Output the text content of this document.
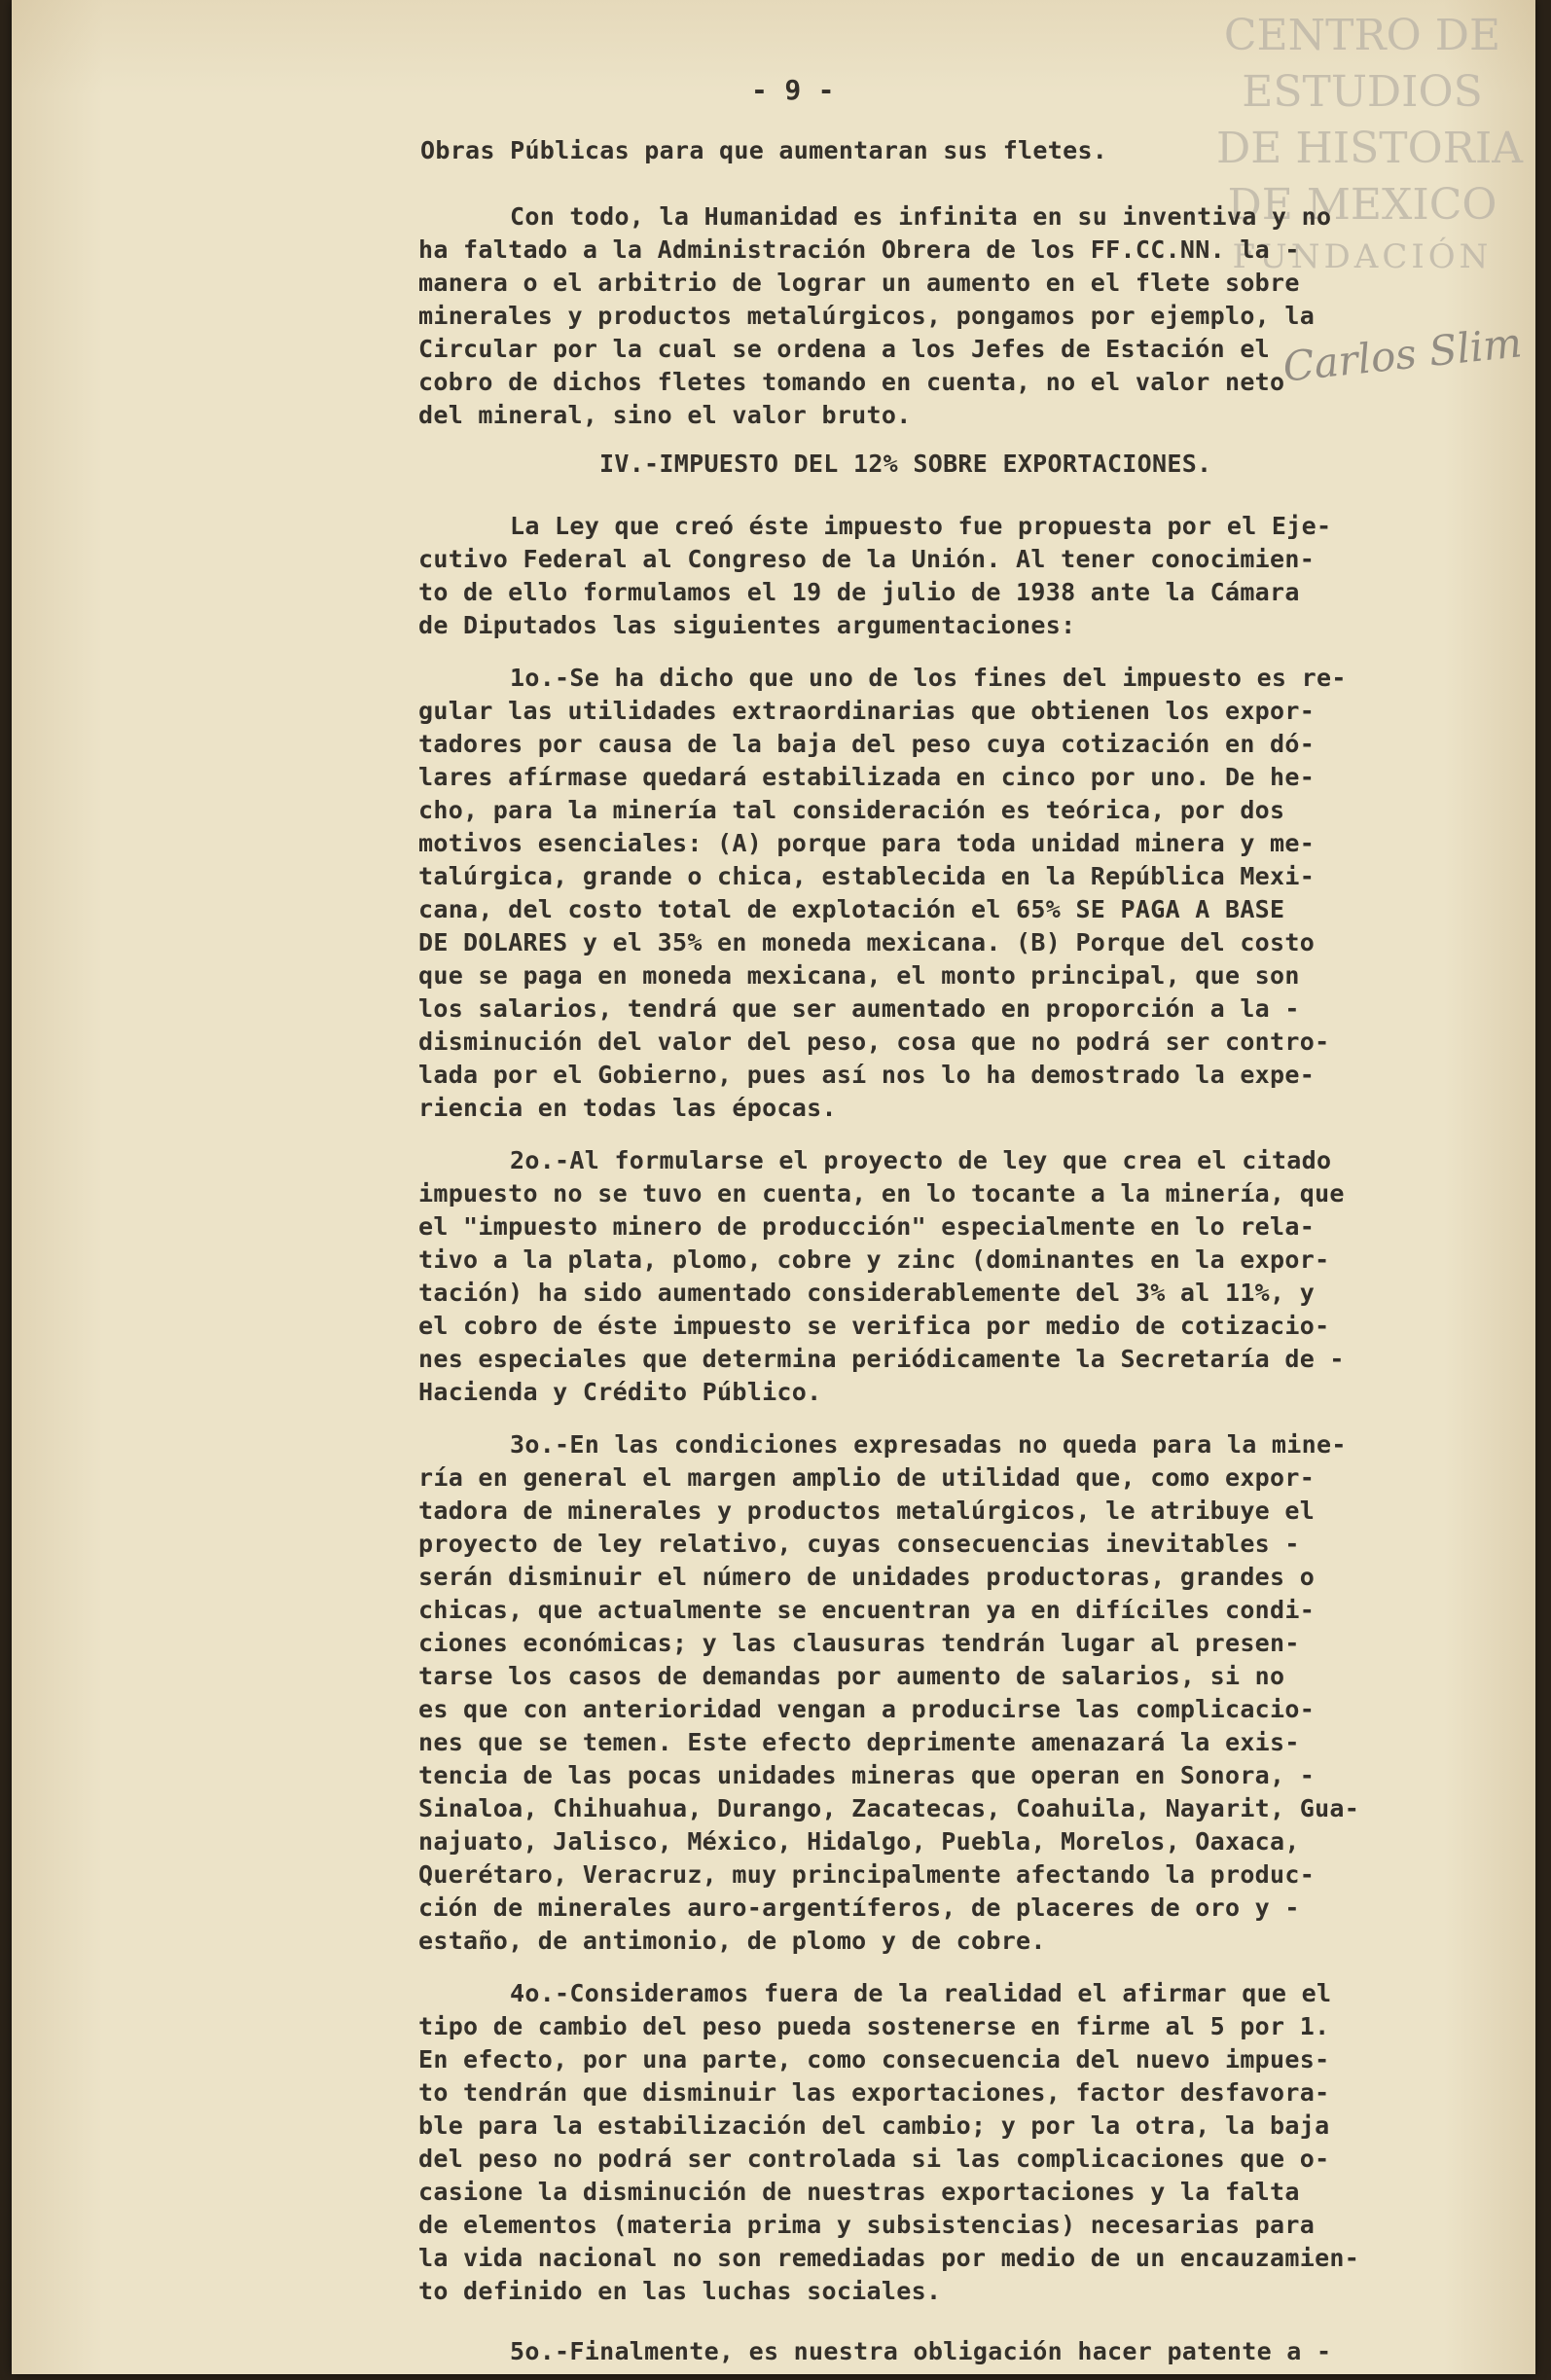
CENTRO DE
ESTUDIOS
DE HISTORIA
DE MEXICO
FUNDACIÓN
Carlos Slim
- 9 -
Obras Públicas para que aumentaran sus fletes.
Con todo, la Humanidad es infinita en su inventiva y no
ha faltado a la Administración Obrera de los FF.CC.NN. la -
manera o el arbitrio de lograr un aumento en el flete sobre
minerales y productos metalúrgicos, pongamos por ejemplo, la
Circular por la cual se ordena a los Jefes de Estación el
cobro de dichos fletes tomando en cuenta, no el valor neto
del mineral, sino el valor bruto.
IV.-IMPUESTO DEL 12% SOBRE EXPORTACIONES.
La Ley que creó éste impuesto fue propuesta por el Eje-
cutivo Federal al Congreso de la Unión. Al tener conocimien-
to de ello formulamos el 19 de julio de 1938 ante la Cámara
de Diputados las siguientes argumentaciones:
1o.-Se ha dicho que uno de los fines del impuesto es re-
gular las utilidades extraordinarias que obtienen los expor-
tadores por causa de la baja del peso cuya cotización en dó-
lares afírmase quedará estabilizada en cinco por uno. De he-
cho, para la minería tal consideración es teórica, por dos
motivos esenciales: (A) porque para toda unidad minera y me-
talúrgica, grande o chica, establecida en la República Mexi-
cana, del costo total de explotación el 65% SE PAGA A BASE
DE DOLARES y el 35% en moneda mexicana. (B) Porque del costo
que se paga en moneda mexicana, el monto principal, que son
los salarios, tendrá que ser aumentado en proporción a la -
disminución del valor del peso, cosa que no podrá ser contro-
lada por el Gobierno, pues así nos lo ha demostrado la expe-
riencia en todas las épocas.
2o.-Al formularse el proyecto de ley que crea el citado
impuesto no se tuvo en cuenta, en lo tocante a la minería, que
el "impuesto minero de producción" especialmente en lo rela-
tivo a la plata, plomo, cobre y zinc (dominantes en la expor-
tación) ha sido aumentado considerablemente del 3% al 11%, y
el cobro de éste impuesto se verifica por medio de cotizacio-
nes especiales que determina periódicamente la Secretaría de -
Hacienda y Crédito Público.
3o.-En las condiciones expresadas no queda para la mine-
ría en general el margen amplio de utilidad que, como expor-
tadora de minerales y productos metalúrgicos, le atribuye el
proyecto de ley relativo, cuyas consecuencias inevitables -
serán disminuir el número de unidades productoras, grandes o
chicas, que actualmente se encuentran ya en difíciles condi-
ciones económicas; y las clausuras tendrán lugar al presen-
tarse los casos de demandas por aumento de salarios, si no
es que con anterioridad vengan a producirse las complicacio-
nes que se temen. Este efecto deprimente amenazará la exis-
tencia de las pocas unidades mineras que operan en Sonora, -
Sinaloa, Chihuahua, Durango, Zacatecas, Coahuila, Nayarit, Gua-
najuato, Jalisco, México, Hidalgo, Puebla, Morelos, Oaxaca,
Querétaro, Veracruz, muy principalmente afectando la produc-
ción de minerales auro-argentíferos, de placeres de oro y -
estaño, de antimonio, de plomo y de cobre.
4o.-Consideramos fuera de la realidad el afirmar que el
tipo de cambio del peso pueda sostenerse en firme al 5 por 1.
En efecto, por una parte, como consecuencia del nuevo impues-
to tendrán que disminuir las exportaciones, factor desfavora-
ble para la estabilización del cambio; y por la otra, la baja
del peso no podrá ser controlada si las complicaciones que o-
casione la disminución de nuestras exportaciones y la falta
de elementos (materia prima y subsistencias) necesarias para
la vida nacional no son remediadas por medio de un encauzamien-
to definido en las luchas sociales.
5o.-Finalmente, es nuestra obligación hacer patente a -
